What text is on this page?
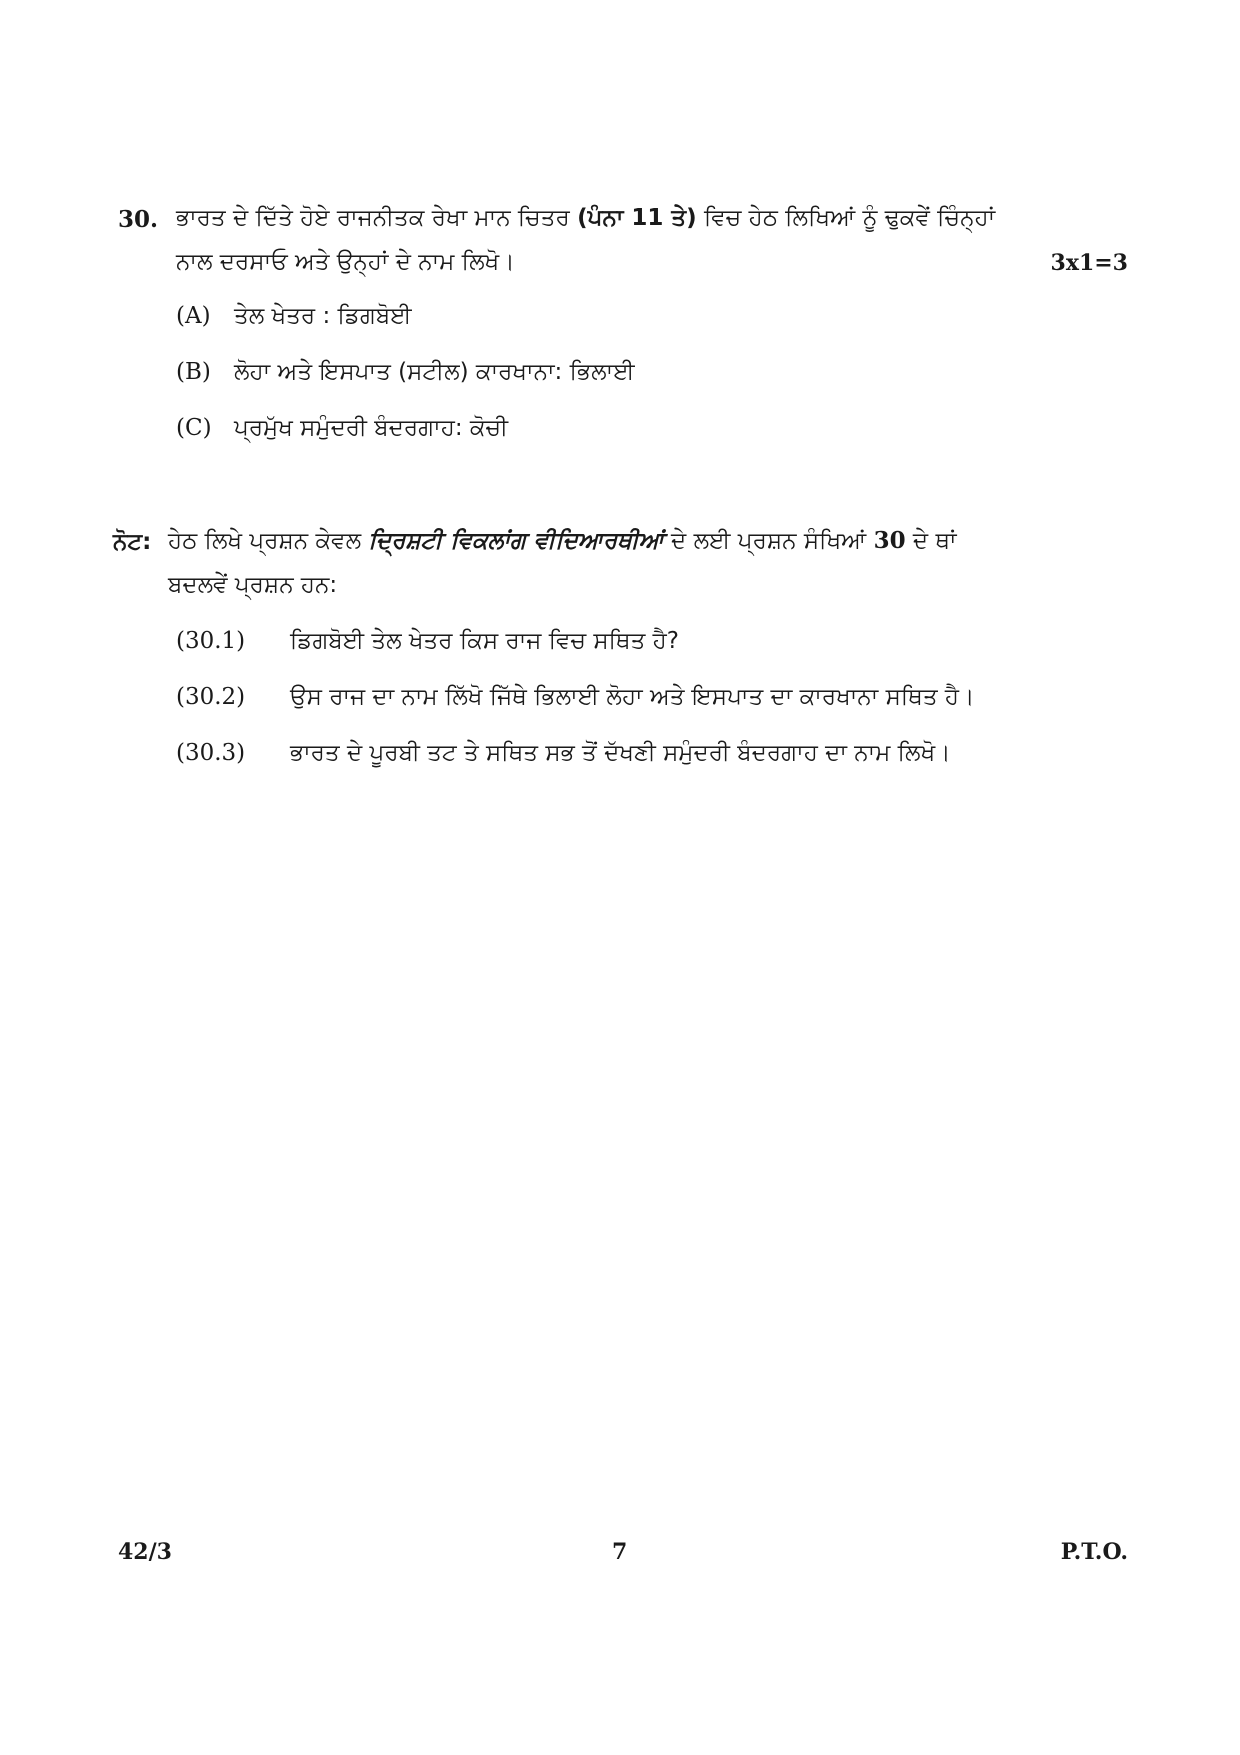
30. ਭਾਰਤ ਦੇ ਦਿੱਤੇ ਹੋਏ ਰਾਜਨੀਤਕ ਰੇਖਾ ਮਾਨ ਚਿਤਰ (ਪੰਨਾ 11 ਤੇ) ਵਿਚ ਹੇਠ ਲਿਖਿਆਂ ਨੂੰ ਢੁਕਵੇਂ ਚਿੰਨ੍ਹਾਂ
ਨਾਲ ਦਰਸਾਓ ਅਤੇ ਉਨ੍ਹਾਂ ਦੇ ਨਾਮ ਲਿਖੋ।	3x1=3
(A) ਤੇਲ ਖੇਤਰ : ਡਿਗਬੋਈ
(B) ਲੋਹਾ ਅਤੇ ਇਸਪਾਤ (ਸਟੀਲ) ਕਾਰਖਾਨਾ: ਭਿਲਾਈ
(C) ਪ੍ਰਮੁੱਖ ਸਮੁੰਦਰੀ ਬੰਦਰਗਾਹ: ਕੋਚੀ
ਨੋਟ: ਹੇਠ ਲਿਖੇ ਪ੍ਰਸ਼ਨ ਕੇਵਲ ਦ੍ਰਿਸ਼ਟੀ ਵਿਕਲਾਂਗ ਵੀਦਿਆਰਥੀਆਂ ਦੇ ਲਈ ਪ੍ਰਸ਼ਨ ਸੰਖਿਆਂ 30 ਦੇ ਥਾਂ
ਬਦਲਵੇਂ ਪ੍ਰਸ਼ਨ ਹਨ:
(30.1) ਡਿਗਬੋਈ ਤੇਲ ਖੇਤਰ ਕਿਸ ਰਾਜ ਵਿਚ ਸਥਿਤ ਹੈ?
(30.2) ਉਸ ਰਾਜ ਦਾ ਨਾਮ ਲਿੱਖੋ ਜਿੱਥੇ ਭਿਲਾਈ ਲੋਹਾ ਅਤੇ ਇਸਪਾਤ ਦਾ ਕਾਰਖਾਨਾ ਸਥਿਤ ਹੈ।
(30.3) ਭਾਰਤ ਦੇ ਪੂਰਬੀ ਤਟ ਤੇ ਸਥਿਤ ਸਭ ਤੋਂ ਦੱਖਣੀ ਸਮੁੰਦਰੀ ਬੰਦਰਗਾਹ ਦਾ ਨਾਮ ਲਿਖੋ।
42/3	7	P.T.O.
